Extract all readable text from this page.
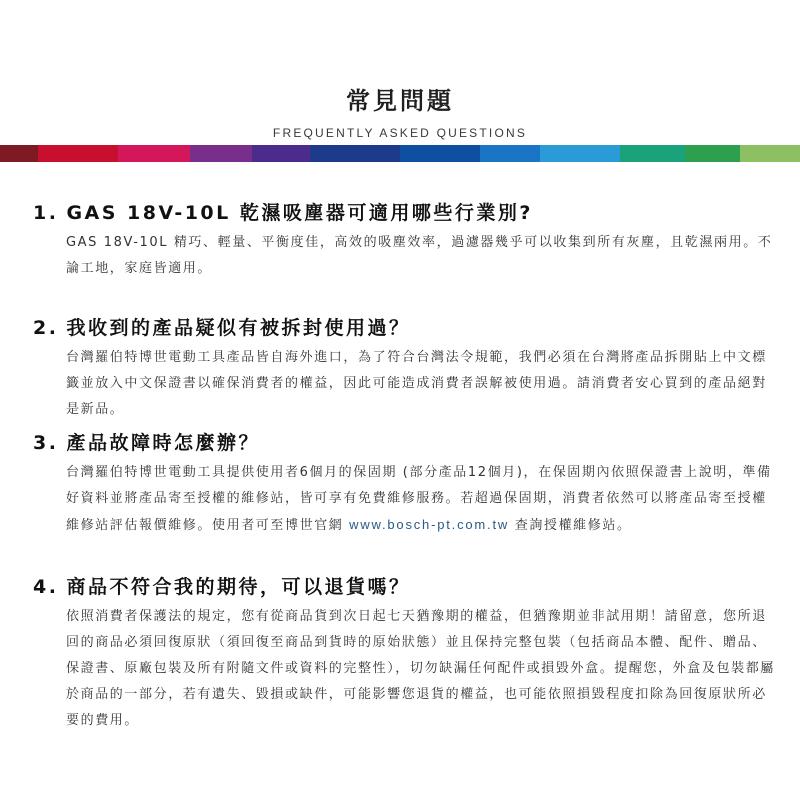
常見問題
FREQUENTLY ASKED QUESTIONS
1. GAS 18V-10L 乾濕吸塵器可適用哪些行業別?

GAS 18V-10L 精巧、輕量、平衡度佳，高效的吸塵效率，過濾器幾乎可以收集到所有灰塵，且乾濕兩用。不論工地，家庭皆適用。

2. 我收到的產品疑似有被拆封使用過？

台灣羅伯特博世電動工具產品皆自海外進口，為了符合台灣法令規範，我們必須在台灣將產品拆開貼上中文標籤並放入中文保證書以確保消費者的權益，因此可能造成消費者誤解被使用過。請消費者安心買到的產品絕對是新品。

3. 產品故障時怎麼辦？

台灣羅伯特博世電動工具提供使用者6個月的保固期 (部分產品12個月)，在保固期內依照保證書上說明，準備好資料並將產品寄至授權的維修站，皆可享有免費維修服務。若超過保固期，消費者依然可以將產品寄至授權維修站評估報價維修。使用者可至博世官網 www.bosch-pt.com.tw 查詢授權維修站。

4. 商品不符合我的期待，可以退貨嗎？

依照消費者保護法的規定，您有從商品貨到次日起七天猶豫期的權益，但猶豫期並非試用期！請留意，您所退回的商品必須回復原狀（須回復至商品到貨時的原始狀態）並且保持完整包裝（包括商品本體、配件、贈品、保證書、原廠包裝及所有附隨文件或資料的完整性），切勿缺漏任何配件或損毀外盒。提醒您，外盒及包裝都屬於商品的一部分，若有遺失、毀損或缺件，可能影響您退貨的權益，也可能依照損毀程度扣除為回復原狀所必要的費用。
